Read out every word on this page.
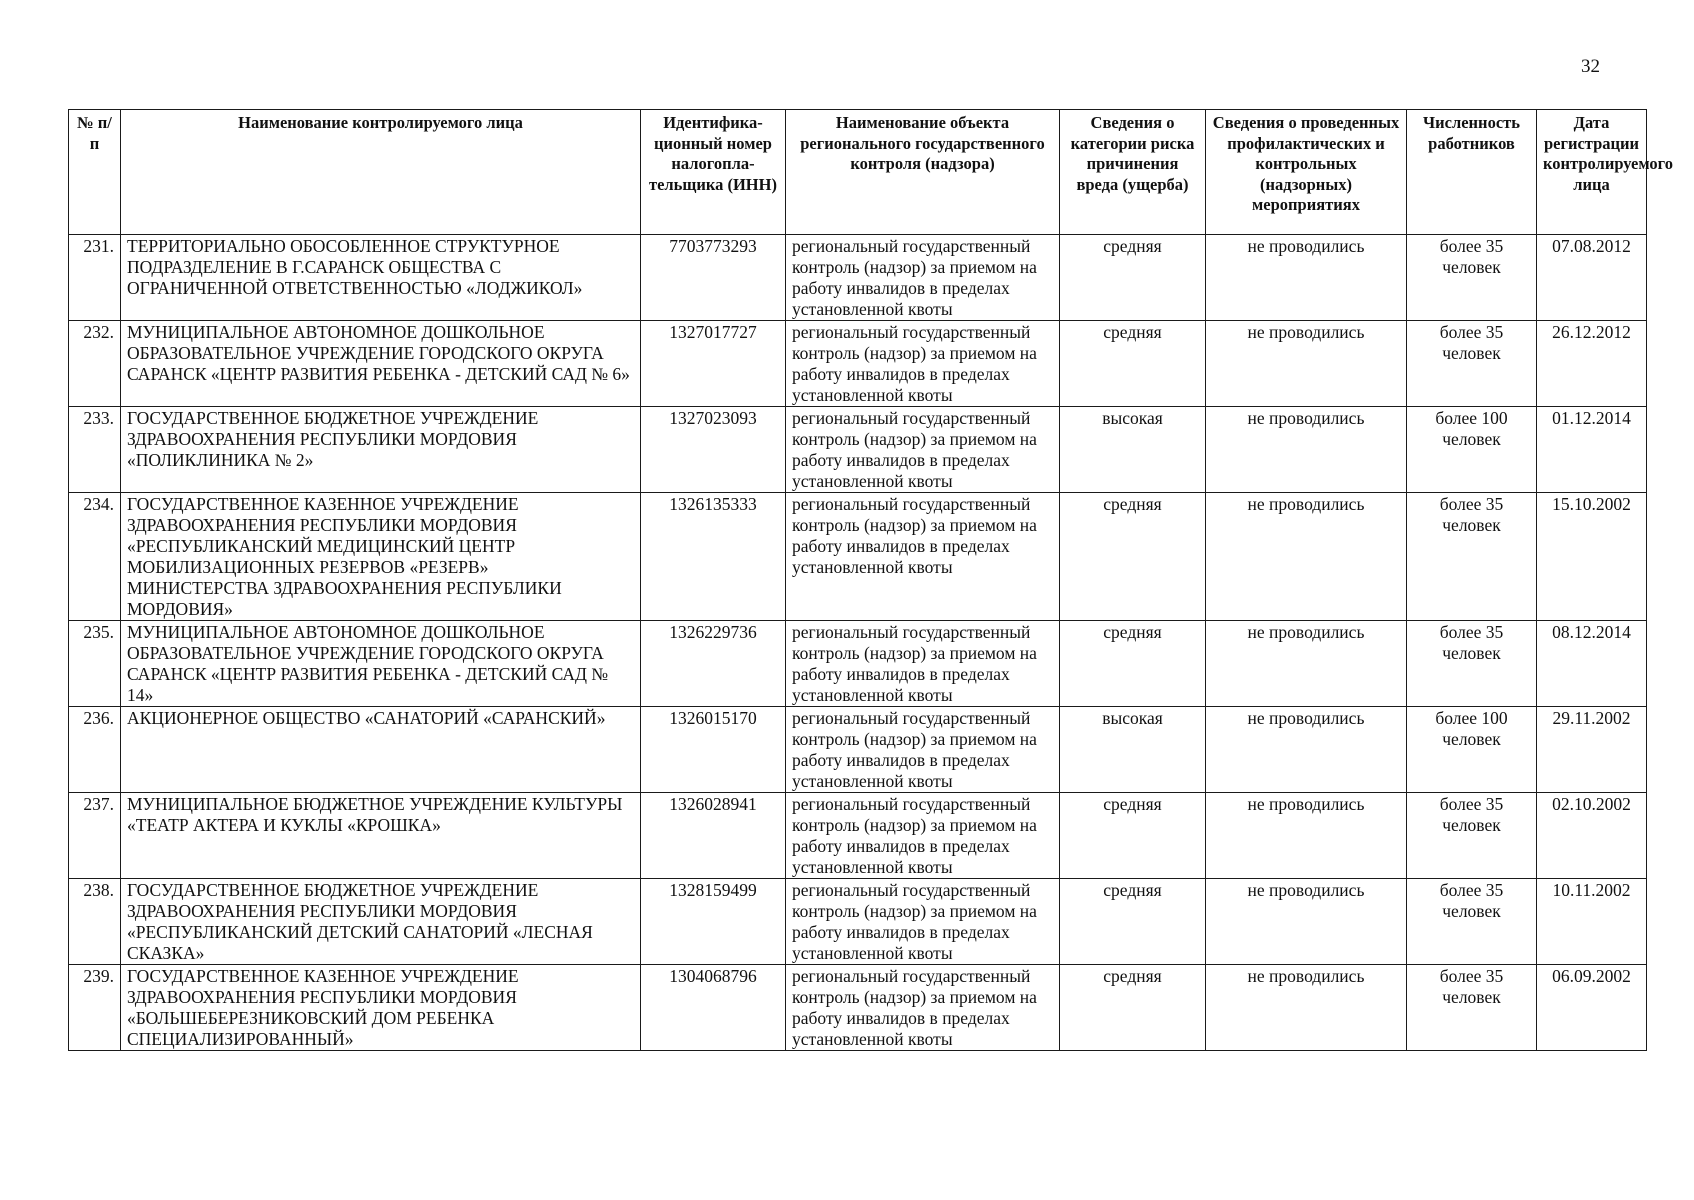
32
№ п/п	Наименование контролируемого лица	Идентифика-ционный номер налогопла-тельщика (ИНН)	Наименование объекта регионального государственного контроля (надзора)	Сведения о категории риска причинения вреда (ущерба)	Сведения о проведенных профилактических и контрольных (надзорных) мероприятиях	Численность работников	Дата регистрации контролируемого лица
231.	ТЕРРИТОРИАЛЬНО ОБОСОБЛЕННОЕ СТРУКТУРНОЕ ПОДРАЗДЕЛЕНИЕ В Г.САРАНСК ОБЩЕСТВА С ОГРАНИЧЕННОЙ ОТВЕТСТВЕННОСТЬЮ «ЛОДЖИКОЛ»	7703773293	региональный государственный контроль (надзор) за приемом на работу инвалидов в пределах установленной квоты	средняя	не проводились	более 35 человек	07.08.2012
232.	МУНИЦИПАЛЬНОЕ АВТОНОМНОЕ ДОШКОЛЬНОЕ ОБРАЗОВАТЕЛЬНОЕ УЧРЕЖДЕНИЕ ГОРОДСКОГО ОКРУГА САРАНСК «ЦЕНТР РАЗВИТИЯ РЕБЕНКА - ДЕТСКИЙ САД № 6»	1327017727	региональный государственный контроль (надзор) за приемом на работу инвалидов в пределах установленной квоты	средняя	не проводились	более 35 человек	26.12.2012
233.	ГОСУДАРСТВЕННОЕ БЮДЖЕТНОЕ УЧРЕЖДЕНИЕ ЗДРАВООХРАНЕНИЯ РЕСПУБЛИКИ МОРДОВИЯ «ПОЛИКЛИНИКА № 2»	1327023093	региональный государственный контроль (надзор) за приемом на работу инвалидов в пределах установленной квоты	высокая	не проводились	более 100 человек	01.12.2014
234.	ГОСУДАРСТВЕННОЕ КАЗЕННОЕ УЧРЕЖДЕНИЕ ЗДРАВООХРАНЕНИЯ РЕСПУБЛИКИ МОРДОВИЯ «РЕСПУБЛИКАНСКИЙ МЕДИЦИНСКИЙ ЦЕНТР МОБИЛИЗАЦИОННЫХ РЕЗЕРВОВ «РЕЗЕРВ» МИНИСТЕРСТВА ЗДРАВООХРАНЕНИЯ РЕСПУБЛИКИ МОРДОВИЯ»	1326135333	региональный государственный контроль (надзор) за приемом на работу инвалидов в пределах установленной квоты	средняя	не проводились	более 35 человек	15.10.2002
235.	МУНИЦИПАЛЬНОЕ АВТОНОМНОЕ ДОШКОЛЬНОЕ ОБРАЗОВАТЕЛЬНОЕ УЧРЕЖДЕНИЕ ГОРОДСКОГО ОКРУГА САРАНСК «ЦЕНТР РАЗВИТИЯ РЕБЕНКА - ДЕТСКИЙ САД № 14»	1326229736	региональный государственный контроль (надзор) за приемом на работу инвалидов в пределах установленной квоты	средняя	не проводились	более 35 человек	08.12.2014
236.	АКЦИОНЕРНОЕ ОБЩЕСТВО «САНАТОРИЙ «САРАНСКИЙ»	1326015170	региональный государственный контроль (надзор) за приемом на работу инвалидов в пределах установленной квоты	высокая	не проводились	более 100 человек	29.11.2002
237.	МУНИЦИПАЛЬНОЕ БЮДЖЕТНОЕ УЧРЕЖДЕНИЕ КУЛЬТУРЫ «ТЕАТР АКТЕРА И КУКЛЫ «КРОШКА»	1326028941	региональный государственный контроль (надзор) за приемом на работу инвалидов в пределах установленной квоты	средняя	не проводились	более 35 человек	02.10.2002
238.	ГОСУДАРСТВЕННОЕ БЮДЖЕТНОЕ УЧРЕЖДЕНИЕ ЗДРАВООХРАНЕНИЯ РЕСПУБЛИКИ МОРДОВИЯ «РЕСПУБЛИКАНСКИЙ ДЕТСКИЙ САНАТОРИЙ «ЛЕСНАЯ СКАЗКА»	1328159499	региональный государственный контроль (надзор) за приемом на работу инвалидов в пределах установленной квоты	средняя	не проводились	более 35 человек	10.11.2002
239.	ГОСУДАРСТВЕННОЕ КАЗЕННОЕ УЧРЕЖДЕНИЕ ЗДРАВООХРАНЕНИЯ РЕСПУБЛИКИ МОРДОВИЯ «БОЛЬШЕБЕРЕЗНИКОВСКИЙ ДОМ РЕБЕНКА СПЕЦИАЛИЗИРОВАННЫЙ»	1304068796	региональный государственный контроль (надзор) за приемом на работу инвалидов в пределах установленной квоты	средняя	не проводились	более 35 человек	06.09.2002
